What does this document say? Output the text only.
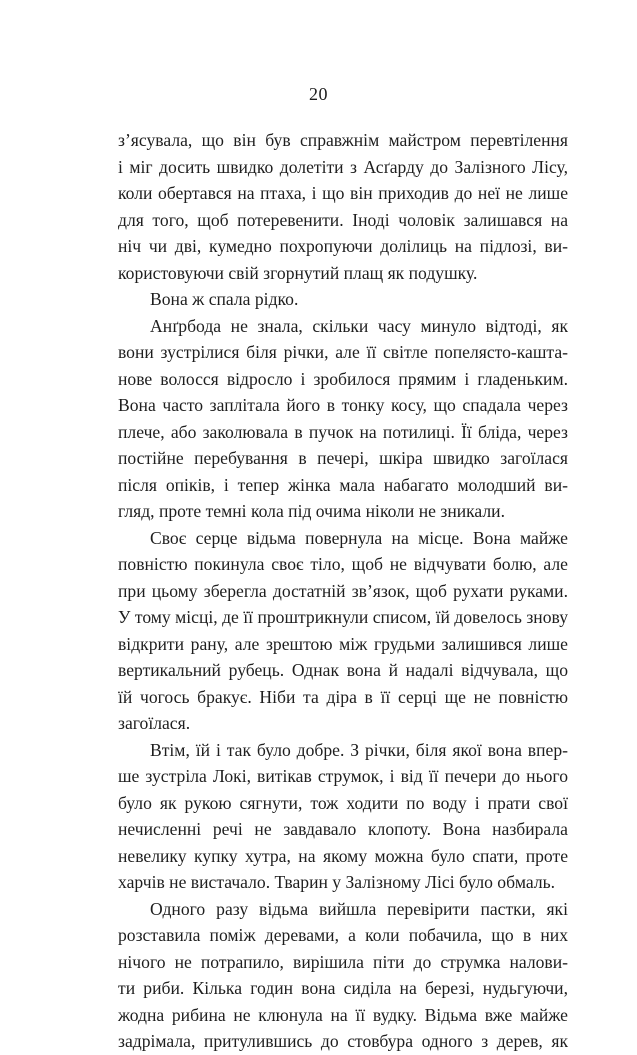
20

з’ясувала, що він був справжнім майстром перевтілення
і міг досить швидко долетіти з Асґарду до Залізного Лісу,
коли обертався на птаха, і що він приходив до неї не лише
для того, щоб потеревенити. Іноді чоловік залишався на
ніч чи дві, кумедно похропуючи долілиць на підлозі, ви-
користовуючи свій згорнутий плащ як подушку.

Вона ж спала рідко.

Анґрбода не знала, скільки часу минуло відтоді, як
вони зустрілися біля річки, але її світле попелясто-кашта-
нове волосся відросло і зробилося прямим і гладеньким.
Вона часто заплітала його в тонку косу, що спадала через
плече, або заколювала в пучок на потилиці. Її бліда, через
постійне перебування в печері, шкіра швидко загоїлася
після опіків, і тепер жінка мала набагато молодший ви-
гляд, проте темні кола під очима ніколи не зникали.

Своє серце відьма повернула на місце. Вона майже
повністю покинула своє тіло, щоб не відчувати болю, але
при цьому зберегла достатній зв’язок, щоб рухати руками.
У тому місці, де її проштрикнули списом, їй довелось знову
відкрити рану, але зрештою між грудьми залишився лише
вертикальний рубець. Однак вона й надалі відчувала, що
їй чогось бракує. Ніби та діра в її серці ще не повністю
загоїлася.

Втім, їй і так було добре. З річки, біля якої вона впер-
ше зустріла Локі, витікав струмок, і від її печери до нього
було як рукою сягнути, тож ходити по воду і прати свої
нечисленні речі не завдавало клопоту. Вона назбирала
невелику купку хутра, на якому можна було спати, проте
харчів не вистачало. Тварин у Залізному Лісі було обмаль.

Одного разу відьма вийшла перевірити пастки, які
розставила поміж деревами, а коли побачила, що в них
нічого не потрапило, вирішила піти до струмка налови-
ти риби. Кілька годин вона сиділа на березі, нудьгуючи,
жодна рибина не клюнула на її вудку. Відьма вже майже
задрімала, притулившись до стовбура одного з дерев, як
